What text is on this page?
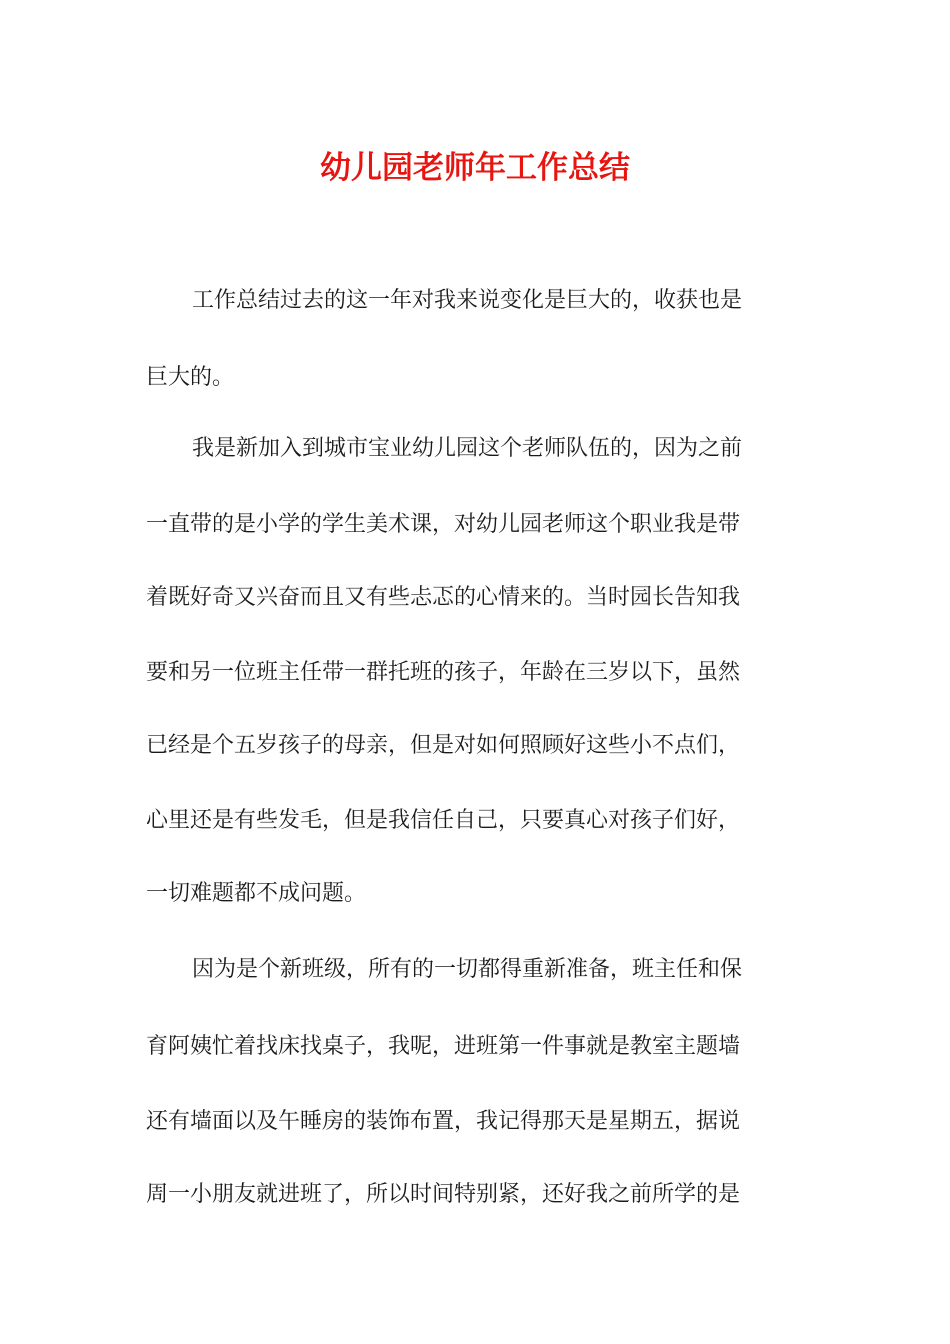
幼儿园老师年工作总结
工作总结过去的这一年对我来说变化是巨大的，收获也是
巨大的。
我是新加入到城市宝业幼儿园这个老师队伍的，因为之前
一直带的是小学的学生美术课，对幼儿园老师这个职业我是带
着既好奇又兴奋而且又有些忐忑的心情来的。当时园长告知我
要和另一位班主任带一群托班的孩子，年龄在三岁以下，虽然
已经是个五岁孩子的母亲，但是对如何照顾好这些小不点们，
心里还是有些发毛，但是我信任自己，只要真心对孩子们好，
一切难题都不成问题。
因为是个新班级，所有的一切都得重新准备，班主任和保
育阿姨忙着找床找桌子，我呢，进班第一件事就是教室主题墙
还有墙面以及午睡房的装饰布置，我记得那天是星期五，据说
周一小朋友就进班了，所以时间特别紧，还好我之前所学的是
